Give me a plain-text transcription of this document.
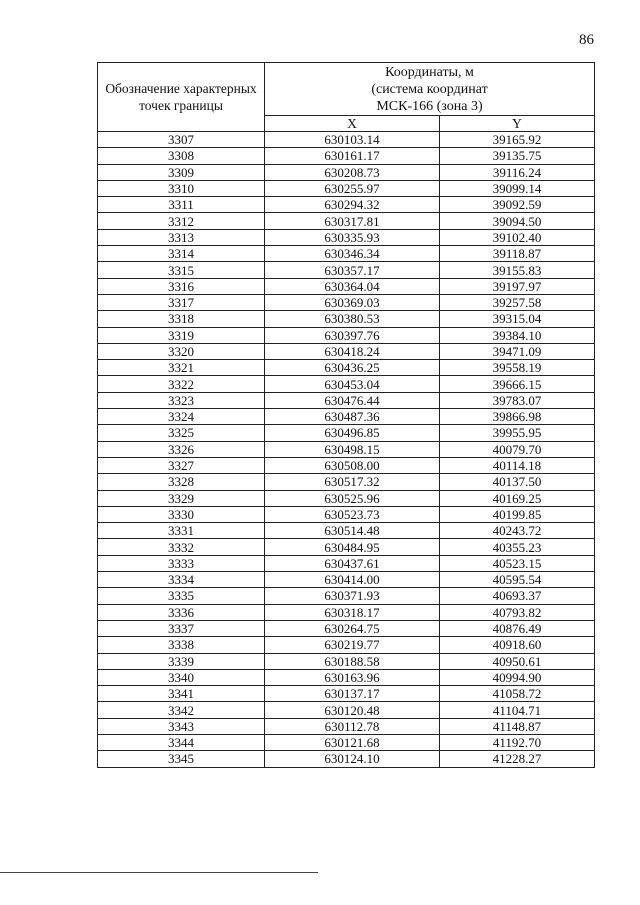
86
Обозначение характерных точек границы	Координаты, м
(система координат
МСК-166 (зона 3)	

	X	Y
3307	630103.14	39165.92
3308	630161.17	39135.75
3309	630208.73	39116.24
3310	630255.97	39099.14
3311	630294.32	39092.59
3312	630317.81	39094.50
3313	630335.93	39102.40
3314	630346.34	39118.87
3315	630357.17	39155.83
3316	630364.04	39197.97
3317	630369.03	39257.58
3318	630380.53	39315.04
3319	630397.76	39384.10
3320	630418.24	39471.09
3321	630436.25	39558.19
3322	630453.04	39666.15
3323	630476.44	39783.07
3324	630487.36	39866.98
3325	630496.85	39955.95
3326	630498.15	40079.70
3327	630508.00	40114.18
3328	630517.32	40137.50
3329	630525.96	40169.25
3330	630523.73	40199.85
3331	630514.48	40243.72
3332	630484.95	40355.23
3333	630437.61	40523.15
3334	630414.00	40595.54
3335	630371.93	40693.37
3336	630318.17	40793.82
3337	630264.75	40876.49
3338	630219.77	40918.60
3339	630188.58	40950.61
3340	630163.96	40994.90
3341	630137.17	41058.72
3342	630120.48	41104.71
3343	630112.78	41148.87
3344	630121.68	41192.70
3345	630124.10	41228.27
